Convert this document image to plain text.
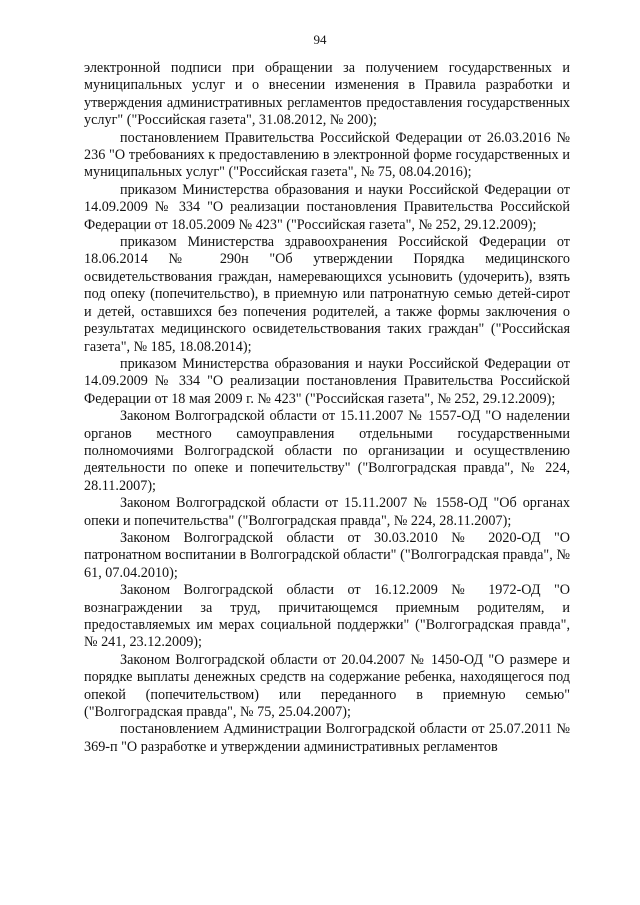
94

электронной подписи при обращении за получением государственных и муниципальных услуг и о внесении изменения в Правила разработки и утверждения административных регламентов предоставления государственных услуг" ("Российская газета", 31.08.2012, № 200);

постановлением Правительства Российской Федерации от 26.03.2016 № 236 "О требованиях к предоставлению в электронной форме государственных и муниципальных услуг" ("Российская газета", № 75, 08.04.2016);

приказом Министерства образования и науки Российской Федерации от 14.09.2009 № 334 "О реализации постановления Правительства Российской Федерации от 18.05.2009 № 423" ("Российская газета", № 252, 29.12.2009);

приказом Министерства здравоохранения Российской Федерации от 18.06.2014 № 290н "Об утверждении Порядка медицинского освидетельствования граждан, намеревающихся усыновить (удочерить), взять под опеку (попечительство), в приемную или патронатную семью детей-сирот и детей, оставшихся без попечения родителей, а также формы заключения о результатах медицинского освидетельствования таких граждан" ("Российская газета", № 185, 18.08.2014);

приказом Министерства образования и науки Российской Федерации от 14.09.2009 № 334 "О реализации постановления Правительства Российской Федерации от 18 мая 2009 г. № 423" ("Российская газета", № 252, 29.12.2009);

Законом Волгоградской области от 15.11.2007 № 1557-ОД "О наделении органов местного самоуправления отдельными государственными полномочиями Волгоградской области по организации и осуществлению деятельности по опеке и попечительству" ("Волгоградская правда", № 224, 28.11.2007);

Законом Волгоградской области от 15.11.2007 № 1558-ОД "Об органах опеки и попечительства" ("Волгоградская правда", № 224, 28.11.2007);

Законом Волгоградской области от 30.03.2010 № 2020-ОД "О патронатном воспитании в Волгоградской области" ("Волгоградская правда", № 61, 07.04.2010);

Законом Волгоградской области от 16.12.2009 № 1972-ОД "О вознаграждении за труд, причитающемся приемным родителям, и предоставляемых им мерах социальной поддержки" ("Волгоградская правда", № 241, 23.12.2009);

Законом Волгоградской области от 20.04.2007 № 1450-ОД "О размере и порядке выплаты денежных средств на содержание ребенка, находящегося под опекой (попечительством) или переданного в приемную семью" ("Волгоградская правда", № 75, 25.04.2007);

постановлением Администрации Волгоградской области от 25.07.2011 № 369-п "О разработке и утверждении административных регламентов
